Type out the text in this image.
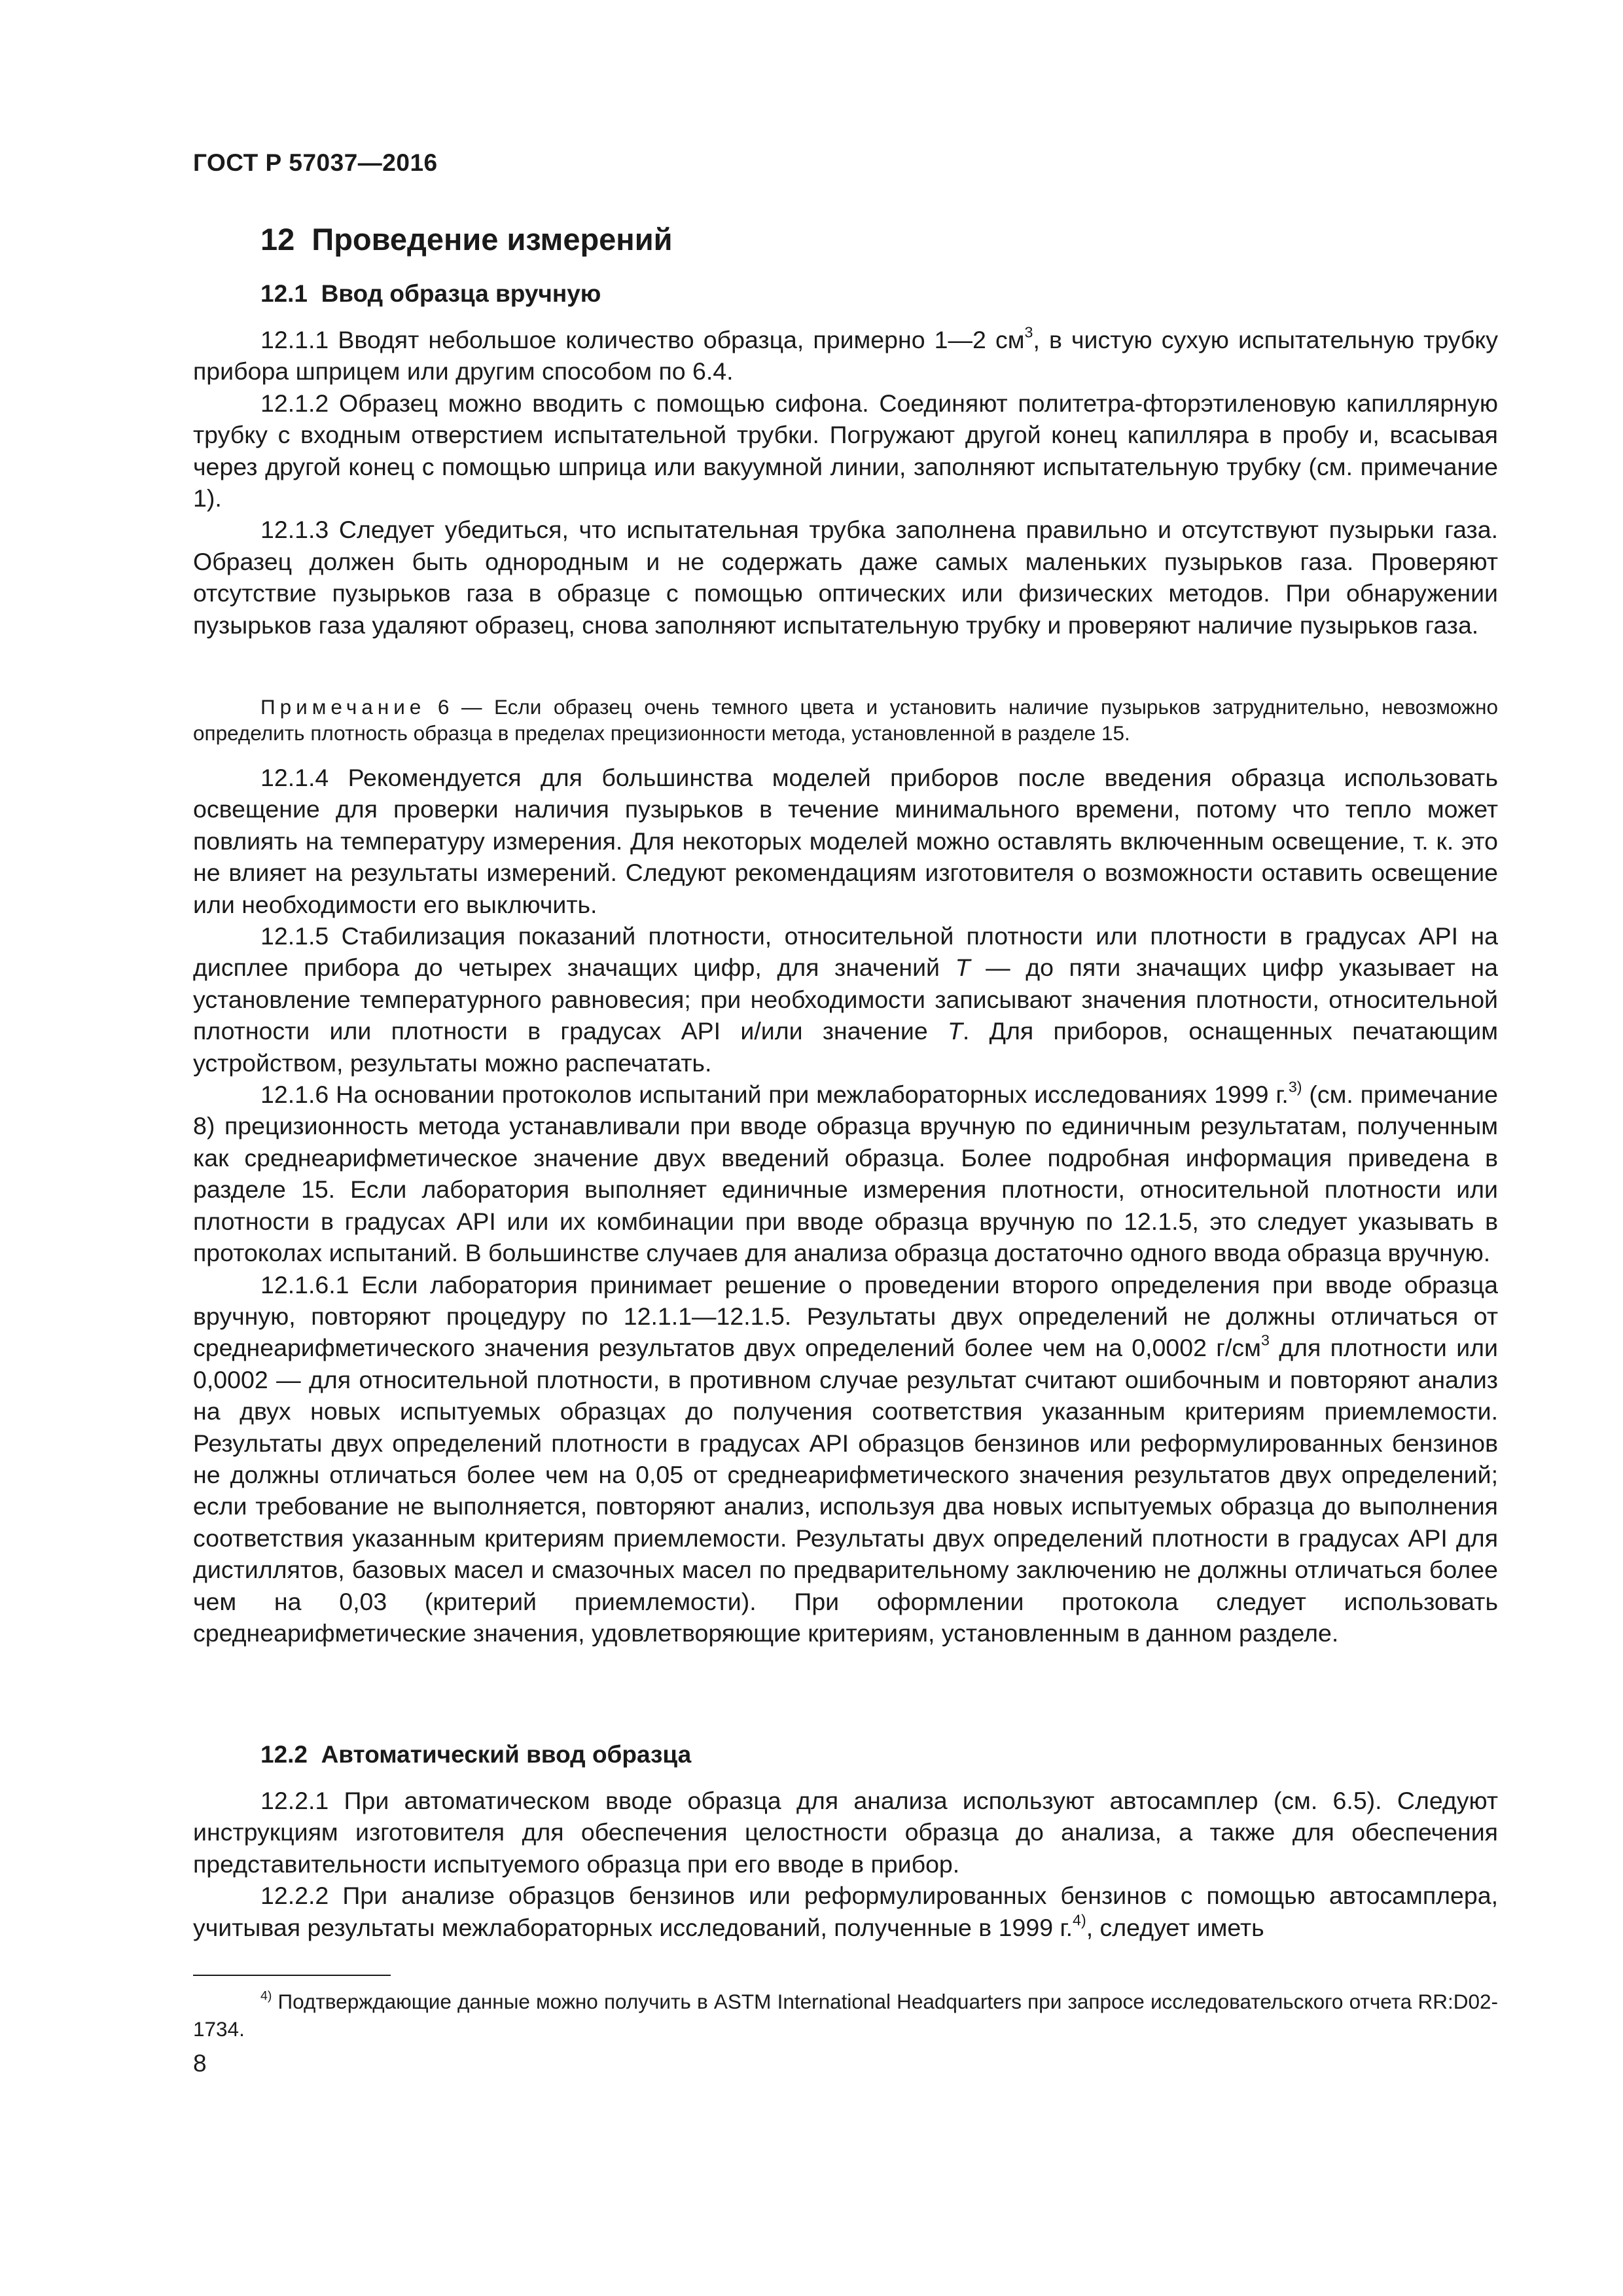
ГОСТ Р 57037—2016
12 Проведение измерений
12.1 Ввод образца вручную

12.1.1 Вводят небольшое количество образца, примерно 1—2 $см^3$, в чистую сухую испытательную трубку прибора шприцем или другим способом по 6.4.

12.1.2 Образец можно вводить с помощью сифона. Соединяют политетра-фторэтиленовую капиллярную трубку с входным отверстием испытательной трубки. Погружают другой конец капилляра в пробу и, всасывая через другой конец с помощью шприца или вакуумной линии, заполняют испытательную трубку (см. примечание 1).

12.1.3 Следует убедиться, что испытательная трубка заполнена правильно и отсутствуют пузырьки газа. Образец должен быть однородным и не содержать даже самых маленьких пузырьков газа. Проверяют отсутствие пузырьков газа в образце с помощью оптических или физических методов. При обнаружении пузырьков газа удаляют образец, снова заполняют испытательную трубку и проверяют наличие пузырьков газа.

Примечание 6 — Если образец очень темного цвета и установить наличие пузырьков затруднительно, невозможно определить плотность образца в пределах прецизионности метода, установленной в разделе 15.

12.1.4 Рекомендуется для большинства моделей приборов после введения образца использовать освещение для проверки наличия пузырьков в течение минимального времени, потому что тепло может повлиять на температуру измерения. Для некоторых моделей можно оставлять включенным освещение, т. к. это не влияет на результаты измерений. Следуют рекомендациям изготовителя о возможности оставить освещение или необходимости его выключить.

12.1.5 Стабилизация показаний плотности, относительной плотности или плотности в градусах API на дисплее прибора до четырех значащих цифр, для значений T — до пяти значащих цифр указывает на установление температурного равновесия; при необходимости записывают значения плотности, относительной плотности или плотности в градусах API и/или значение T. Для приборов, оснащенных печатающим устройством, результаты можно распечатать.

12.1.6 На основании протоколов испытаний при межлабораторных исследованиях 1999 г.$^{3)}$ (см. примечание 8) прецизионность метода устанавливали при вводе образца вручную по единичным результатам, полученным как среднеарифметическое значение двух введений образца. Более подробная информация приведена в разделе 15. Если лаборатория выполняет единичные измерения плотности, относительной плотности или плотности в градусах API или их комбинации при вводе образца вручную по 12.1.5, это следует указывать в протоколах испытаний. В большинстве случаев для анализа образца достаточно одного ввода образца вручную.

12.1.6.1 Если лаборатория принимает решение о проведении второго определения при вводе образца вручную, повторяют процедуру по 12.1.1—12.1.5. Результаты двух определений не должны отличаться от среднеарифметического значения результатов двух определений более чем на 0,0002 $г/см^3$ для плотности или 0,0002 — для относительной плотности, в противном случае результат считают ошибочным и повторяют анализ на двух новых испытуемых образцах до получения соответствия указанным критериям приемлемости. Результаты двух определений плотности в градусах API образцов бензинов или реформулированных бензинов не должны отличаться более чем на 0,05 от среднеарифметического значения результатов двух определений; если требование не выполняется, повторяют анализ, используя два новых испытуемых образца до выполнения соответствия указанным критериям приемлемости. Результаты двух определений плотности в градусах API для дистиллятов, базовых масел и смазочных масел по предварительному заключению не должны отличаться более чем на 0,03 (критерий приемлемости). При оформлении протокола следует использовать среднеарифметические значения, удовлетворяющие критериям, установленным в данном разделе.

12.2 Автоматический ввод образца

12.2.1 При автоматическом вводе образца для анализа используют автосамплер (см. 6.5). Следуют инструкциям изготовителя для обеспечения целостности образца до анализа, а также для обеспечения представительности испытуемого образца при его вводе в прибор.

12.2.2 При анализе образцов бензинов или реформулированных бензинов с помощью автосамплера, учитывая результаты межлабораторных исследований, полученные в 1999 г.$^{4)}$, следует иметь

$^{4)}$ Подтверждающие данные можно получить в ASTM International Headquarters при запросе исследовательского отчета RR:D02-1734.

8
